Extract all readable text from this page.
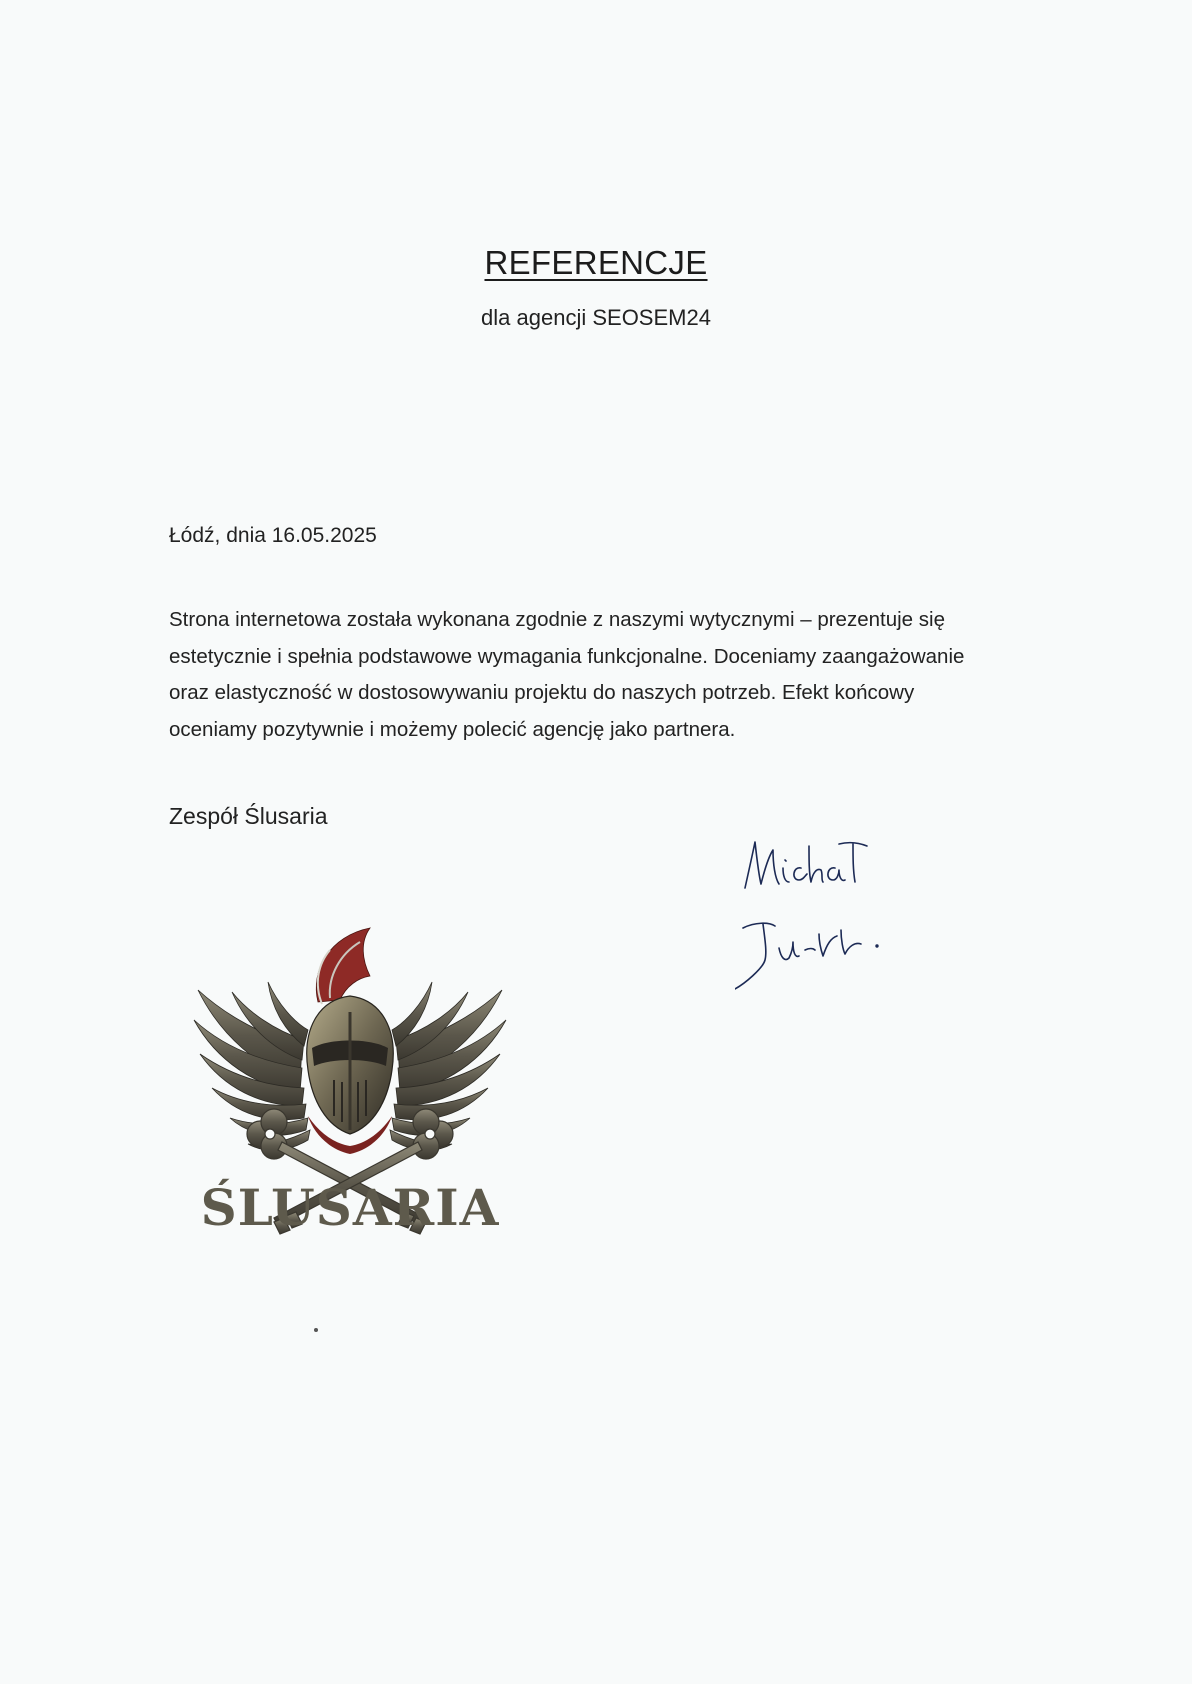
REFERENCJE
dla agencji SEOSEM24
Łódź, dnia 16.05.2025
Strona internetowa została wykonana zgodnie z naszymi wytycznymi – prezentuje się
estetycznie i spełnia podstawowe wymagania funkcjonalne. Doceniamy zaangażowanie
oraz elastyczność w dostosowywaniu projektu do naszych potrzeb. Efekt końcowy
oceniamy pozytywnie i możemy polecić agencję jako partnera.
Zespół Ślusaria
ŚLUSARIA
